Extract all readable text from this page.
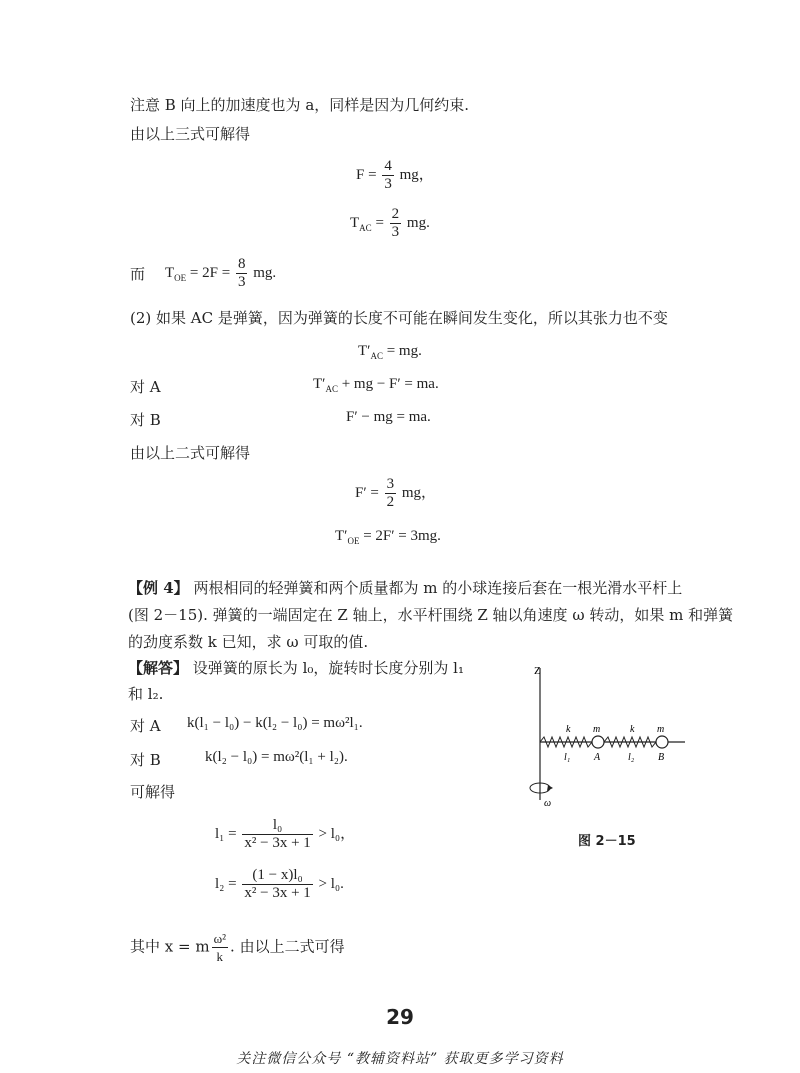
注意 B 向上的加速度也为 a，同样是因为几何约束.
由以上三式可解得
$F = \frac{4}{3}$ mg，
$T_{AC} = \frac{2}{3}$ mg.
而 $T_{OE} = 2F = \frac{8}{3}$ mg.
(2) 如果 AC 是弹簧，因为弹簧的长度不可能在瞬间发生变化，所以其张力也不变
$T'_{AC}$ = mg.
对 A	$T'_{AC}$ + mg − F′ = ma.
对 B	F′ − mg = ma.
由以上二式可解得
$F' = \frac{3}{2}$ mg，
$T'_{OE} = 2F' = 3mg$.
【例 4】 两根相同的轻弹簧和两个质量都为 m 的小球连接后套在一根光滑水平杆上
(图 2－15). 弹簧的一端固定在 Z 轴上，水平杆围绕 Z 轴以角速度 ω 转动，如果 m 和弹簧
的劲度系数 k 已知，求 ω 可取的值.
【解答】 设弹簧的原长为 l₀，旋转时长度分别为 l₁
和 l₂.
对 A k(l₁ − l₀) − k(l₂ − l₀) = mω²l₁.
对 B	k(l₂ − l₀) = mω²(l₁ + l₂).
可解得
$l_1 = \frac{\text{l₀}}{\text{x² − 3x + 1}} > l_0$，
$l_2 = \frac{\text{(1 − x)l₀}}{\text{x² − 3x + 1}} > l_0$.
其中 x = m $\frac{\text{ω²}}{k}$ . 由以上二式可得
Z
ω
k m	k m
l₁ A	l₂ B
图 2－15
29
关注微信公众号 “教辅资料站” 获取更多学习资料
